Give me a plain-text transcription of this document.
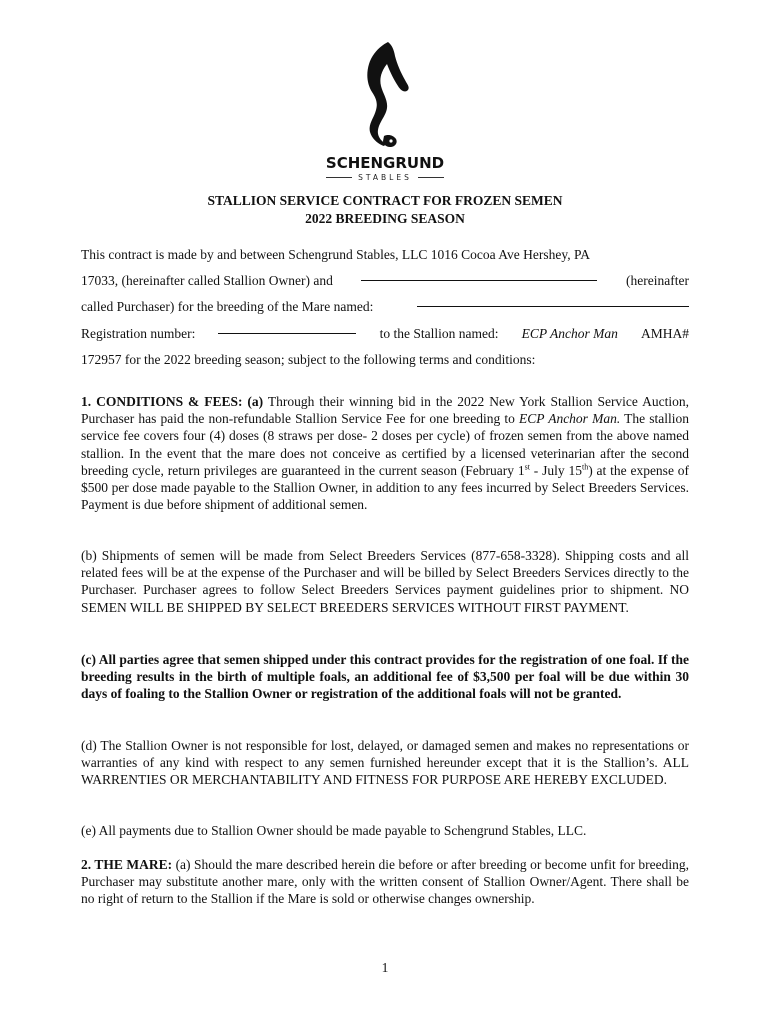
SCHENGRUND
STABLES
STALLION SERVICE CONTRACT FOR FROZEN SEMEN
2022 BREEDING SEASON
This contract is made by and between Schengrund Stables, LLC 1016 Cocoa Ave Hershey, PA
17033, (hereinafter called Stallion Owner) and	(hereinafter
called Purchaser) for the breeding of the Mare named:
Registration number:	to the Stallion named: ECP Anchor Man AMHA#
172957 for the 2022 breeding season; subject to the following terms and conditions:

1. CONDITIONS & FEES: (a) Through their winning bid in the 2022 New York Stallion Service Auction, Purchaser has paid the non-refundable Stallion Service Fee for one breeding to ECP Anchor Man. The stallion service fee covers four (4) doses (8 straws per dose- 2 doses per cycle) of frozen semen from the above named stallion. In the event that the mare does not conceive as certified by a licensed veterinarian after the second breeding cycle, return privileges are guaranteed in the current season (February 1st - July 15th) at the expense of $500 per dose made payable to the Stallion Owner, in addition to any fees incurred by Select Breeders Services. Payment is due before shipment of additional semen.

(b) Shipments of semen will be made from Select Breeders Services (877-658-3328). Shipping costs and all related fees will be at the expense of the Purchaser and will be billed by Select Breeders Services directly to the Purchaser. Purchaser agrees to follow Select Breeders Services payment guidelines prior to shipment. NO SEMEN WILL BE SHIPPED BY SELECT BREEDERS SERVICES WITHOUT FIRST PAYMENT.

(c) All parties agree that semen shipped under this contract provides for the registration of one foal. If the breeding results in the birth of multiple foals, an additional fee of $3,500 per foal will be due within 30 days of foaling to the Stallion Owner or registration of the additional foals will not be granted.

(d) The Stallion Owner is not responsible for lost, delayed, or damaged semen and makes no representations or warranties of any kind with respect to any semen furnished hereunder except that it is the Stallion’s. ALL WARRENTIES OR MERCHANTABILITY AND FITNESS FOR PURPOSE ARE HEREBY EXCLUDED.

(e) All payments due to Stallion Owner should be made payable to Schengrund Stables, LLC.

2. THE MARE: (a) Should the mare described herein die before or after breeding or become unfit for breeding, Purchaser may substitute another mare, only with the written consent of Stallion Owner/Agent. There shall be no right of return to the Stallion if the Mare is sold or otherwise changes ownership.

1
